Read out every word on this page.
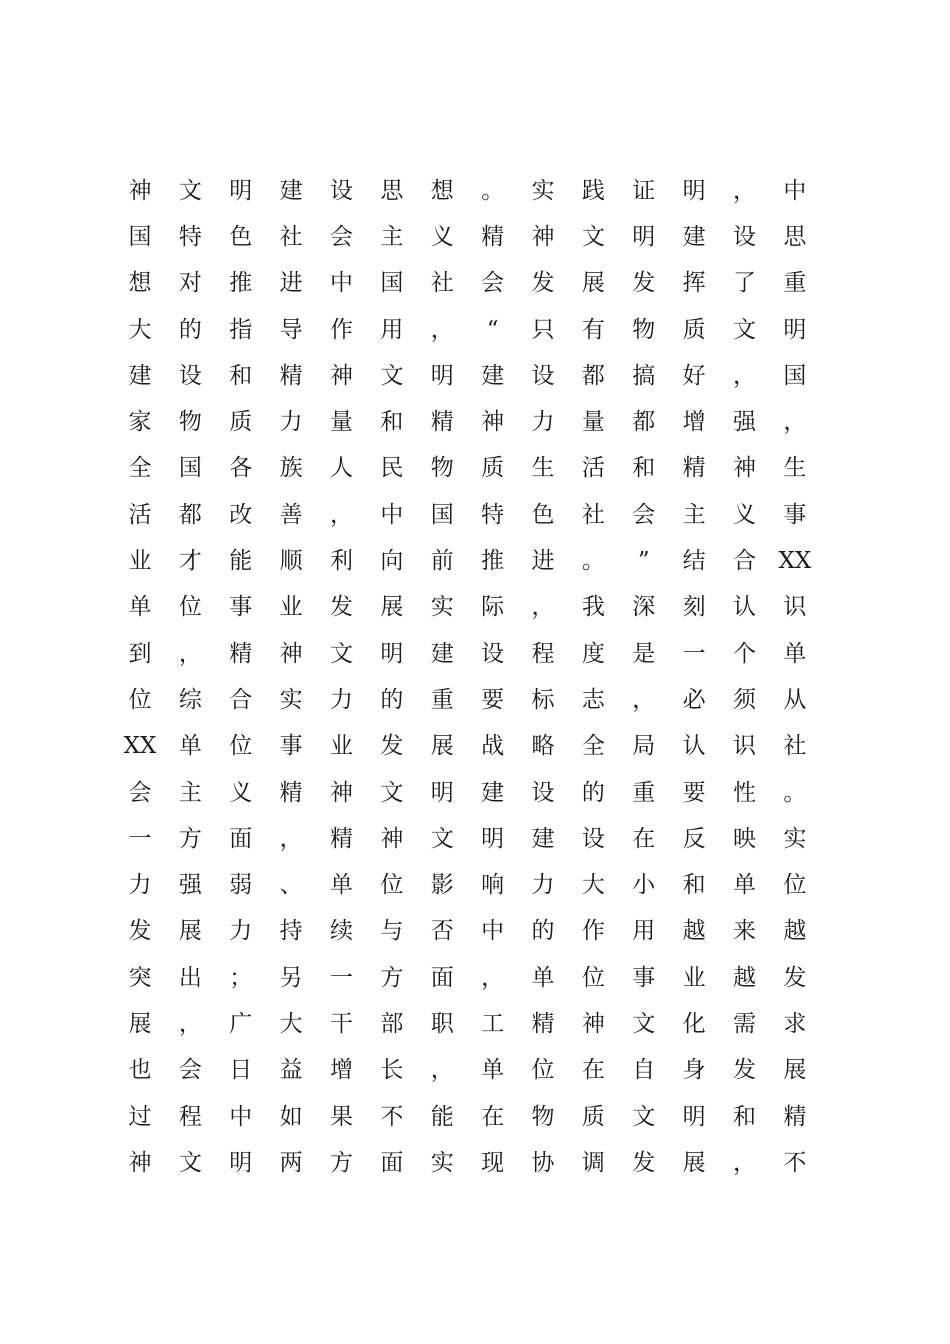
神	文	明	建	设	思	想	。	实	践	证	明	，	中
国	特	色	社	会	主	义	精	神	文	明	建	设	思
想	对	推	进	中	国	社	会	发	展	发	挥	了	重
大	的	指	导	作	用	，	“	只	有	物	质	文	明
建	设	和	精	神	文	明	建	设	都	搞	好	，	国
家	物	质	力	量	和	精	神	力	量	都	增	强	，
全	国	各	族	人	民	物	质	生	活	和	精	神	生
活	都	改	善	，	中	国	特	色	社	会	主	义	事
业	才	能	顺	利	向	前	推	进	。	”	结	合 XX
单	位	事	业	发	展	实	际	，	我	深	刻	认	识
到	，	精	神	文	明	建	设	程	度	是	一	个	单
位	综	合	实	力	的	重	要	标	志	，	必	须	从
XX 单	位	事	业	发	展	战	略	全	局	认	识	社
会	主	义	精	神	文	明	建	设	的	重	要	性	。
一	方	面	，	精	神	文	明	建	设	在	反	映	实
力	强	弱	、	单	位	影	响	力	大	小	和	单	位
发	展	力	持	续	与	否	中	的	作	用	越	来	越
突	出	；	另	一	方	面	，	单	位	事	业	越	发
展	，	广	大	干	部	职	工	精	神	文	化	需	求
也	会	日	益	增	长	，	单	位	在	自	身	发	展
过	程	中	如	果	不	能	在	物	质	文	明	和	精
神	文	明	两	方	面	实	现	协	调	发	展	，	不
